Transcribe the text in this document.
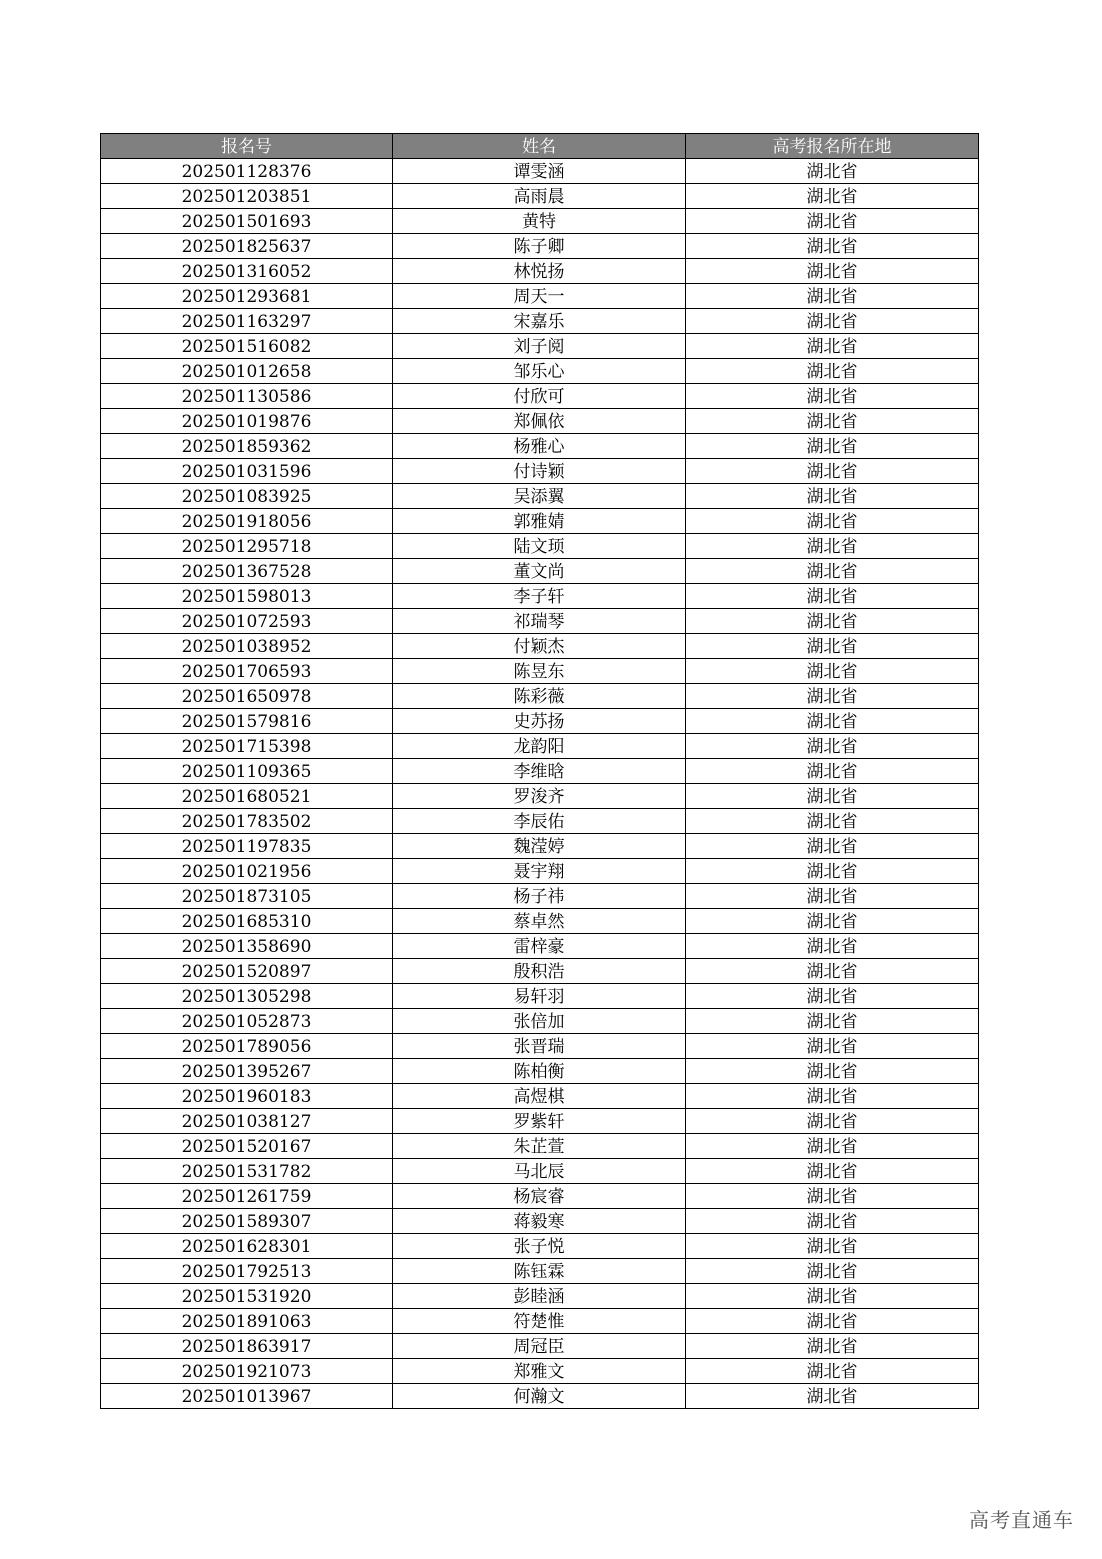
报名号	姓名	高考报名所在地
202501128376	谭雯涵	湖北省
202501203851	高雨晨	湖北省
202501501693	黄特	湖北省
202501825637	陈子卿	湖北省
202501316052	林悦扬	湖北省
202501293681	周天一	湖北省
202501163297	宋嘉乐	湖北省
202501516082	刘子阅	湖北省
202501012658	邹乐心	湖北省
202501130586	付欣可	湖北省
202501019876	郑佩依	湖北省
202501859362	杨雅心	湖北省
202501031596	付诗颖	湖北省
202501083925	吴添翼	湖北省
202501918056	郭雅婧	湖北省
202501295718	陆文顼	湖北省
202501367528	董文尚	湖北省
202501598013	李子轩	湖北省
202501072593	祁瑞琴	湖北省
202501038952	付颖杰	湖北省
202501706593	陈昱东	湖北省
202501650978	陈彩薇	湖北省
202501579816	史苏扬	湖北省
202501715398	龙韵阳	湖北省
202501109365	李维晗	湖北省
202501680521	罗浚齐	湖北省
202501783502	李辰佑	湖北省
202501197835	魏滢婷	湖北省
202501021956	聂宇翔	湖北省
202501873105	杨子祎	湖北省
202501685310	蔡卓然	湖北省
202501358690	雷梓豪	湖北省
202501520897	殷积浩	湖北省
202501305298	易轩羽	湖北省
202501052873	张倍加	湖北省
202501789056	张晋瑞	湖北省
202501395267	陈柏衡	湖北省
202501960183	高煜棋	湖北省
202501038127	罗紫轩	湖北省
202501520167	朱芷萱	湖北省
202501531782	马北辰	湖北省
202501261759	杨宸睿	湖北省
202501589307	蒋毅寒	湖北省
202501628301	张子悦	湖北省
202501792513	陈钰霖	湖北省
202501531920	彭睦涵	湖北省
202501891063	符楚惟	湖北省
202501863917	周冠臣	湖北省
202501921073	郑雅文	湖北省
202501013967	何瀚文	湖北省
高考直通车
